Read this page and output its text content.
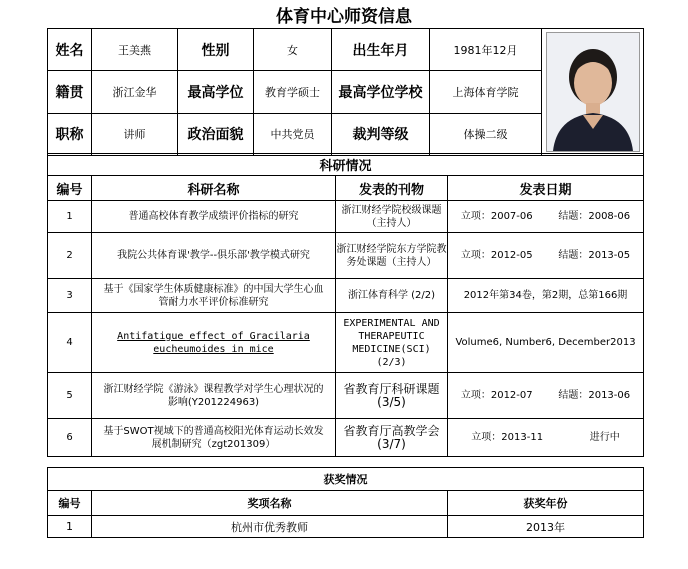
体育中心师资信息
姓名	王美燕	性别	女	出生年月	1981年12月	

籍贯	浙江金华	最高学位	教育学硕士	最高学位学校	上海体育学院	
职称	讲师	政治面貌	中共党员	裁判等级	体操二级	
科研情况			
编号	科研名称	发表的刊物	发表日期
1	普通高校体育教学成绩评价指标的研究	浙江财经学院校级课题（主持人）	立项：2007-06 结题：2008-06

2	我院公共体育课'教学--俱乐部'教学模式研究	浙江财经学院东方学院教务处课题（主持人）	立项：2012-05 结题：2013-05

3	基于《国家学生体质健康标准》的中国大学生心血管耐力水平评价标准研究	浙江体育科学 (2/2)	2012年第34卷，第2期，总第166期
4	Antifatigue effect of Gracilaria eucheumoides in mice	EXPERIMENTAL AND THERAPEUTIC MEDICINE(SCI) (2/3)	Volume6, Number6, December2013
5	浙江财经学院《游泳》课程教学对学生心理状况的影响(Y201224963)	省教育厅科研课题 (3/5)	立项：2012-07 结题：2013-06

6	基于SWOT视域下的普通高校阳光体育运动长效发展机制研究（zgt201309）	省教育厅高教学会 (3/7)	立项：2013-11 进行中
获奖情况		
编号	奖项名称	获奖年份
1	杭州市优秀教师	2013年
